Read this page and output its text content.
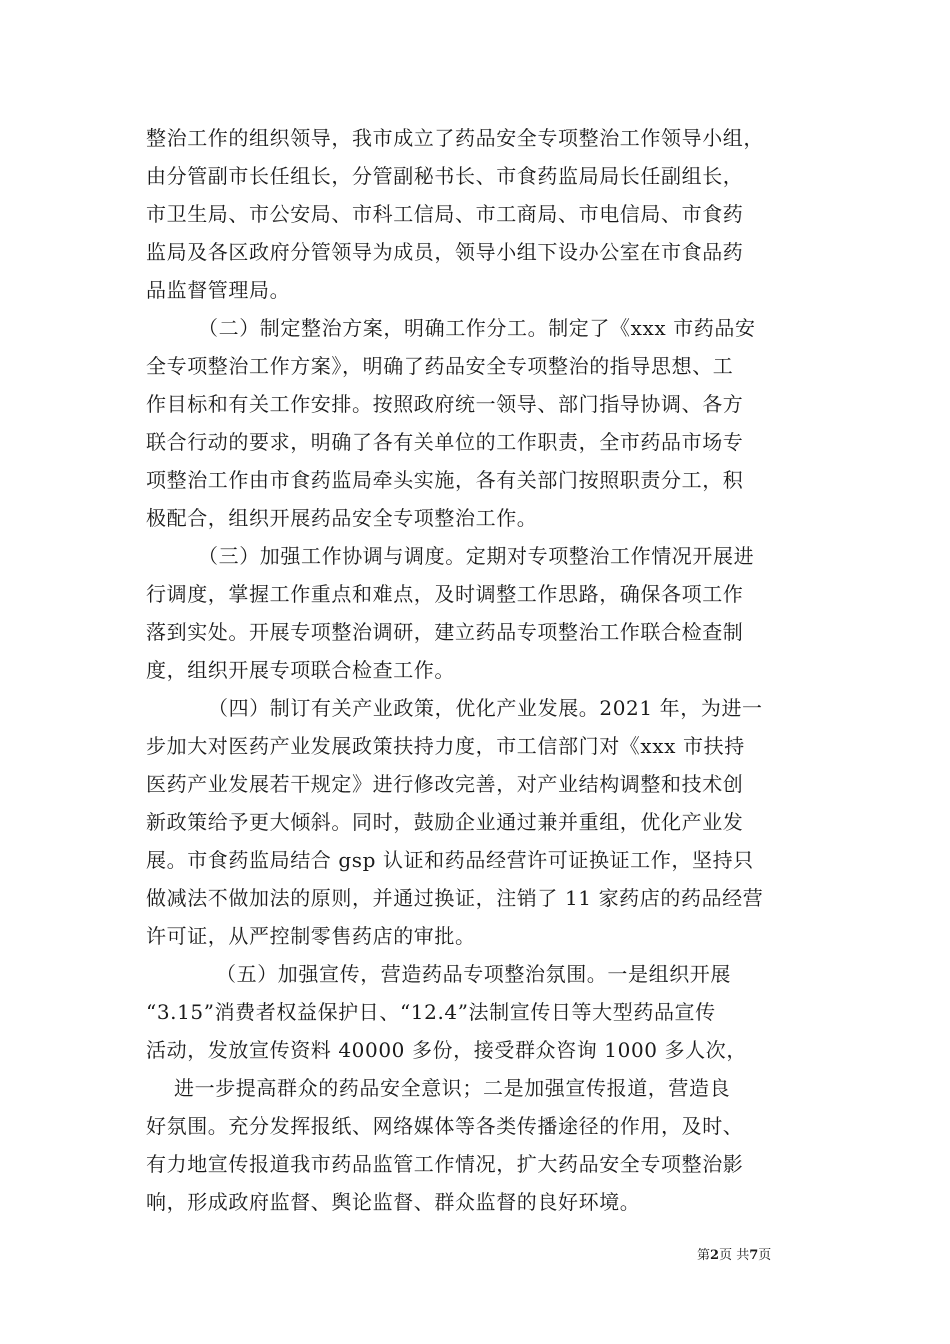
整治工作的组织领导，我市成立了药品安全专项整治工作领导小组，
由分管副市长任组长，分管副秘书长、市食药监局局长任副组长，
市卫生局、市公安局、市科工信局、市工商局、市电信局、市食药
监局及各区政府分管领导为成员，领导小组下设办公室在市食品药
品监督管理局。
（二）制定整治方案，明确工作分工。制定了《xxx 市药品安
全专项整治工作方案》，明确了药品安全专项整治的指导思想、工
作目标和有关工作安排。按照政府统一领导、部门指导协调、各方
联合行动的要求，明确了各有关单位的工作职责，全市药品市场专
项整治工作由市食药监局牵头实施，各有关部门按照职责分工，积
极配合，组织开展药品安全专项整治工作。
（三）加强工作协调与调度。定期对专项整治工作情况开展进
行调度，掌握工作重点和难点，及时调整工作思路，确保各项工作
落到实处。开展专项整治调研，建立药品专项整治工作联合检查制
度，组织开展专项联合检查工作。
（四）制订有关产业政策，优化产业发展。2021 年，为进一
步加大对医药产业发展政策扶持力度，市工信部门对《xxx 市扶持
医药产业发展若干规定》进行修改完善，对产业结构调整和技术创
新政策给予更大倾斜。同时，鼓励企业通过兼并重组，优化产业发
展。市食药监局结合 gsp 认证和药品经营许可证换证工作，坚持只
做减法不做加法的原则，并通过换证，注销了 11 家药店的药品经营
许可证，从严控制零售药店的审批。
（五）加强宣传，营造药品专项整治氛围。一是组织开展
“3.15”消费者权益保护日、“12.4”法制宣传日等大型药品宣传
活动，发放宣传资料 40000 多份，接受群众咨询 1000 多人次，
进一步提高群众的药品安全意识；二是加强宣传报道，营造良
好氛围。充分发挥报纸、网络媒体等各类传播途径的作用，及时、
有力地宣传报道我市药品监管工作情况，扩大药品安全专项整治影
响，形成政府监督、舆论监督、群众监督的良好环境。
第2页 共7页
